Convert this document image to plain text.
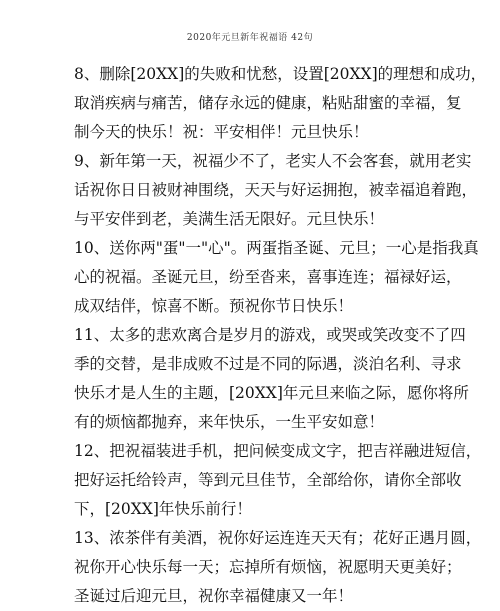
2020年元旦新年祝福语 42句
8、删除[20XX]的失败和忧愁，设置[20XX]的理想和成功，
取消疾病与痛苦，储存永远的健康，粘贴甜蜜的幸福，复
制今天的快乐！祝：平安相伴！元旦快乐！
9、新年第一天，祝福少不了，老实人不会客套，就用老实
话祝你日日被财神围绕，天天与好运拥抱，被幸福追着跑，
与平安伴到老，美满生活无限好。元旦快乐！
10、送你两"蛋"一"心"。两蛋指圣诞、元旦；一心是指我真
心的祝福。圣诞元旦，纷至沓来，喜事连连；福禄好运，
成双结伴，惊喜不断。预祝你节日快乐！
11、太多的悲欢离合是岁月的游戏，或哭或笑改变不了四
季的交替，是非成败不过是不同的际遇，淡泊名利、寻求
快乐才是人生的主题，[20XX]年元旦来临之际，愿你将所
有的烦恼都抛弃，来年快乐，一生平安如意！
12、把祝福装进手机，把问候变成文字，把吉祥融进短信，
把好运托给铃声，等到元旦佳节，全部给你，请你全部收
下，[20XX]年快乐前行！
13、浓茶伴有美酒，祝你好运连连天天有；花好正遇月圆，
祝你开心快乐每一天；忘掉所有烦恼，祝愿明天更美好；
圣诞过后迎元旦，祝你幸福健康又一年！
